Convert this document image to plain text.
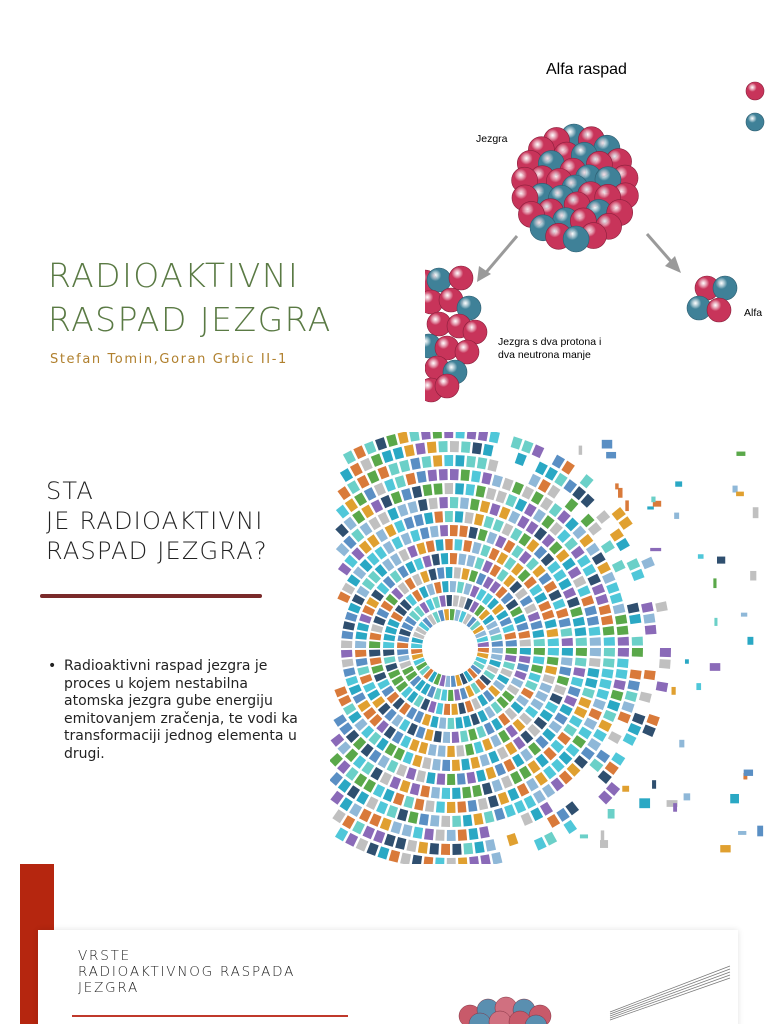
RADIOAKTIVNI
RASPAD JEZGRA
Stefan Tomin,Goran Grbic II-1
Alfa raspad
Jezgra
Jezgra s dva protona i
dva neutrona manje
Alfa
STA
JE RADIOAKTIVNI
RASPAD JEZGRA?
• Radioaktivni raspad jezgra je proces u kojem nestabilna atomska jezgra gube energiju emitovanjem zračenja, te vodi ka transformaciji jednog elementa u drugi.
VRSTE
RADIOAKTIVNOG RASPADA
JEZGRA
